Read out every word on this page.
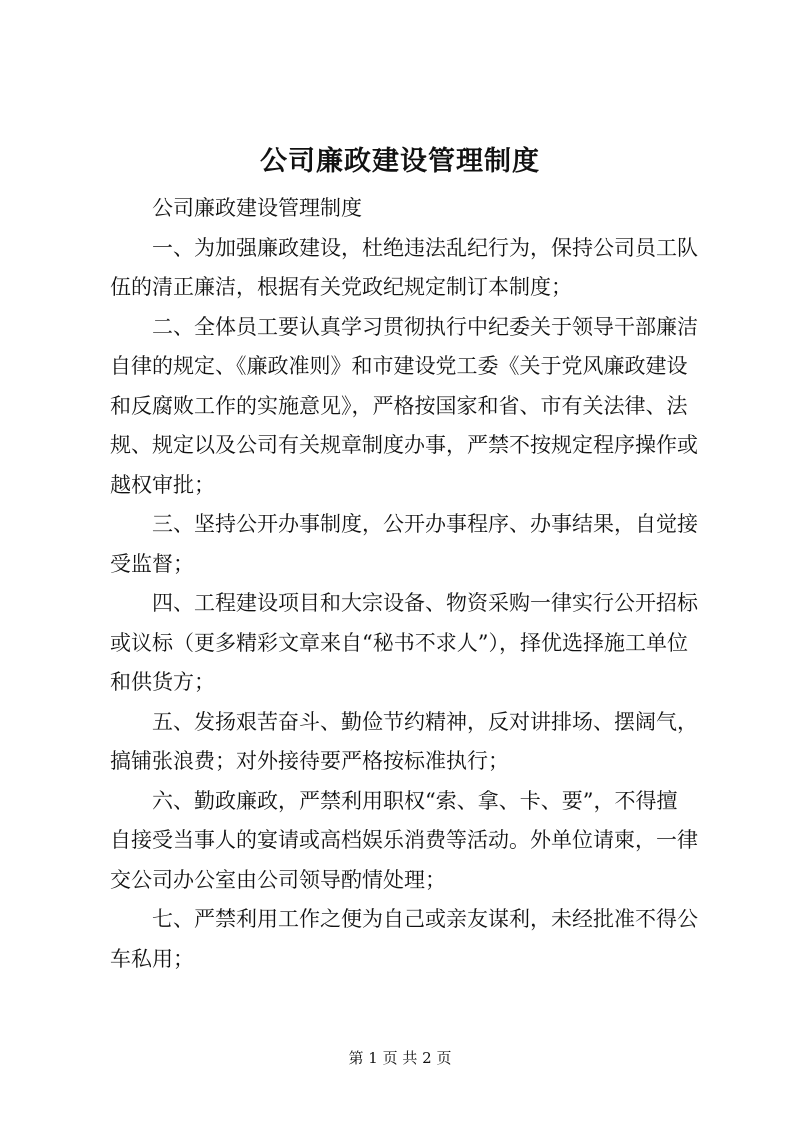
公司廉政建设管理制度

公司廉政建设管理制度

一、为加强廉政建设，杜绝违法乱纪行为，保持公司员工队
伍的清正廉洁，根据有关党政纪规定制订本制度；

二、全体员工要认真学习贯彻执行中纪委关于领导干部廉洁
自律的规定、《廉政准则》和市建设党工委《关于党风廉政建设
和反腐败工作的实施意见》，严格按国家和省、市有关法律、法
规、规定以及公司有关规章制度办事，严禁不按规定程序操作或
越权审批；

三、坚持公开办事制度，公开办事程序、办事结果，自觉接
受监督；

四、工程建设项目和大宗设备、物资采购一律实行公开招标
或议标（更多精彩文章来自“秘书不求人”），择优选择施工单位
和供货方；

五、发扬艰苦奋斗、勤俭节约精神，反对讲排场、摆阔气，
搞铺张浪费；对外接待要严格按标准执行；

六、勤政廉政，严禁利用职权“索、拿、卡、要”，不得擅
自接受当事人的宴请或高档娱乐消费等活动。外单位请柬，一律
交公司办公室由公司领导酌情处理；

七、严禁利用工作之便为自己或亲友谋利，未经批准不得公
车私用；

第 1 页 共 2 页
